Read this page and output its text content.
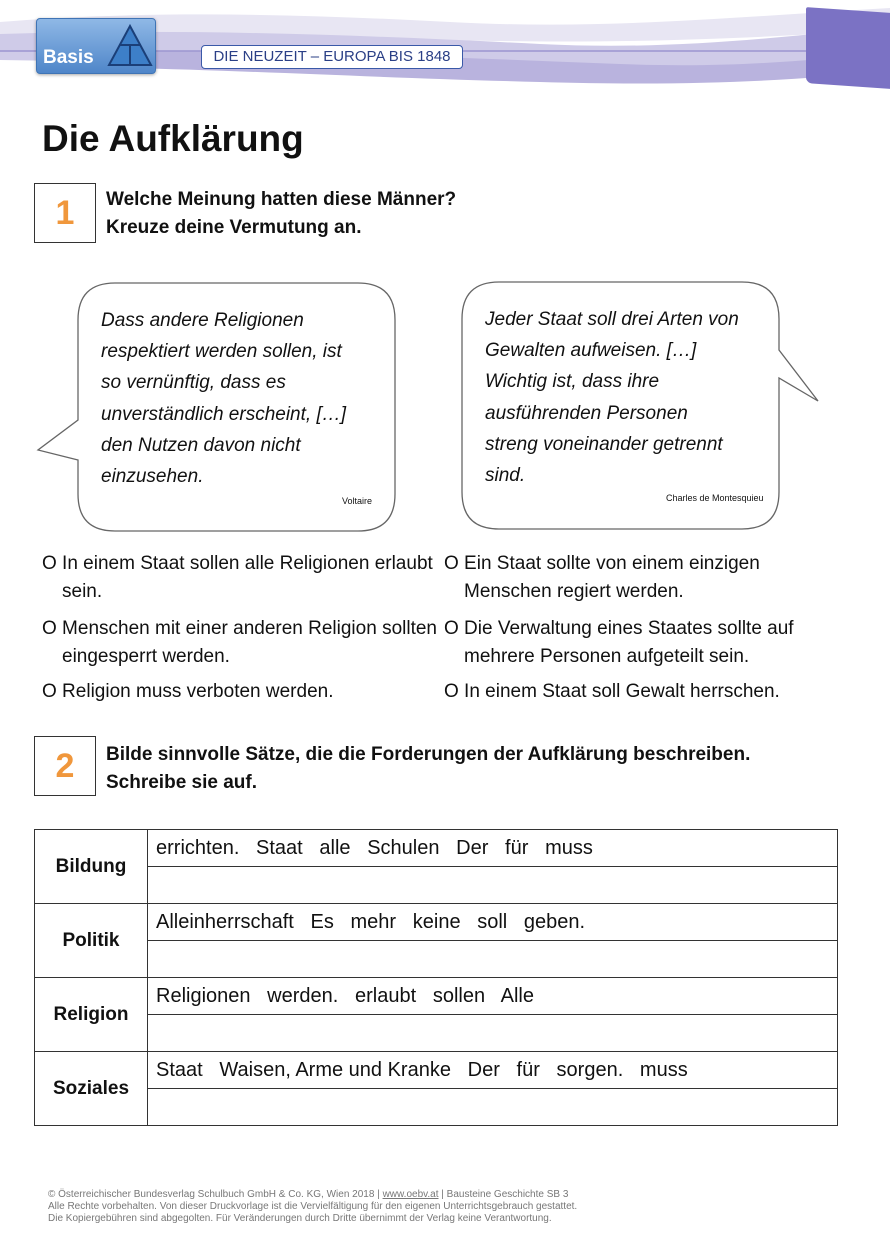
Basis	DIE NEUZEIT – EUROPA BIS 1848
Die Aufklärung
1	Welche Meinung hatten diese Männer?
Kreuze deine Vermutung an.
Dass andere Religionen
respektiert werden sollen, ist
so vernünftig, dass es
unverständlich erscheint, […]
den Nutzen davon nicht
einzusehen.
Voltaire
Jeder Staat soll drei Arten von
Gewalten aufweisen. […]
Wichtig ist, dass ihre
ausführenden Personen
streng voneinander getrennt
sind.
Charles de Montesquieu
O In einem Staat sollen alle Religionen erlaubt sein.
O Menschen mit einer anderen Religion sollten eingesperrt werden.
O Religion muss verboten werden.
O Ein Staat sollte von einem einzigen Menschen regiert werden.
O Die Verwaltung eines Staates sollte auf mehrere Personen aufgeteilt sein.
O In einem Staat soll Gewalt herrschen.
2	Bilde sinnvolle Sätze, die die Forderungen der Aufklärung beschreiben.
Schreibe sie auf.
Bildung	errichten.   Staat   alle   Schulen   Der   für   muss

Politik	Alleinherrschaft   Es   mehr   keine   soll   geben.

Religion	Religionen   werden.   erlaubt   sollen   Alle

Soziales	Staat   Waisen, Arme und Kranke   Der   für   sorgen.   muss

© Österreichischer Bundesverlag Schulbuch GmbH & Co. KG, Wien 2018 | www.oebv.at | Bausteine Geschichte SB 3
Alle Rechte vorbehalten. Von dieser Druckvorlage ist die Vervielfältigung für den eigenen Unterrichtsgebrauch gestattet.
Die Kopiergebühren sind abgegolten. Für Veränderungen durch Dritte übernimmt der Verlag keine Verantwortung.
